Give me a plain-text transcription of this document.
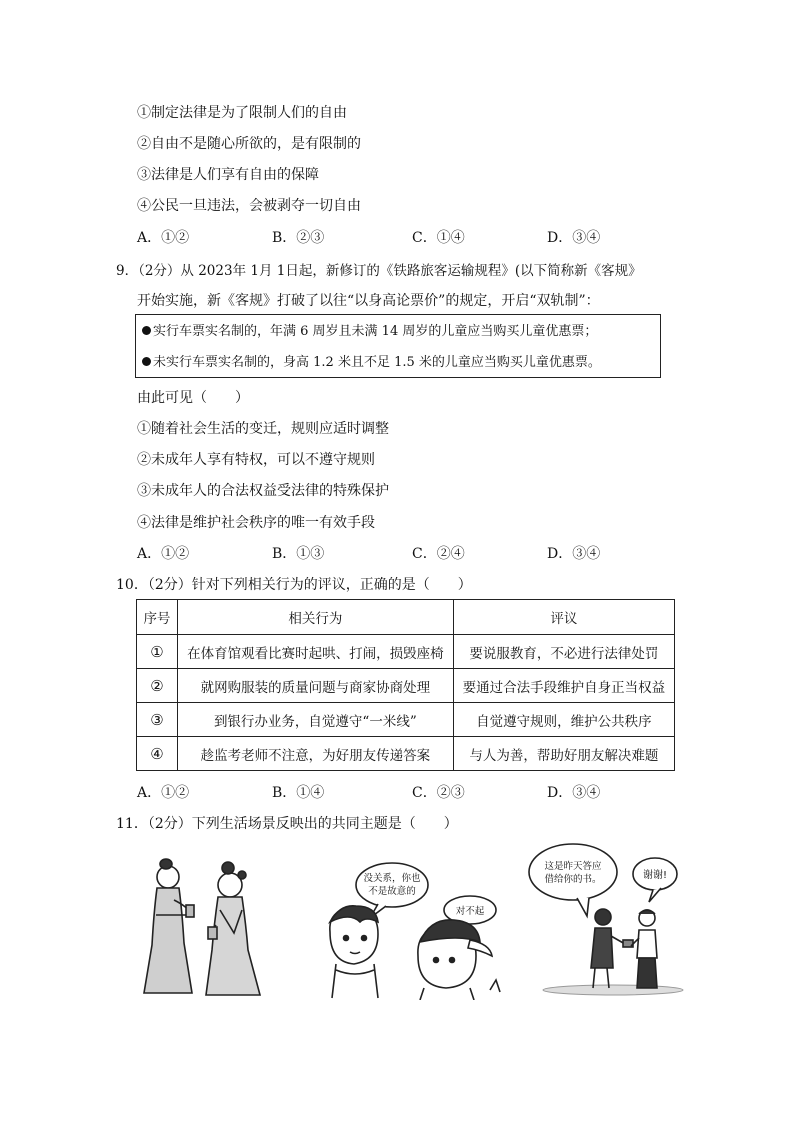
①制定法律是为了限制人们的自由
②自由不是随心所欲的，是有限制的
③法律是人们享有自由的保障
④公民一旦违法，会被剥夺一切自由
A．①②	B．②③	C．①④	D．③④
9．（2分）从 2023年 1月 1日起，新修订的《铁路旅客运输规程》(以下简称新《客规》
开始实施，新《客规》打破了以往“以身高论票价”的规定，开启“双轨制”：
实行车票实名制的，年满 6 周岁且未满 14 周岁的儿童应当购买儿童优惠票；
未实行车票实名制的，身高 1.2 米且不足 1.5 米的儿童应当购买儿童优惠票。
由此可见（　　）
①随着社会生活的变迁，规则应适时调整
②未成年人享有特权，可以不遵守规则
③未成年人的合法权益受法律的特殊保护
④法律是维护社会秩序的唯一有效手段
A．①②	B．①③	C．②④	D．③④
10．（2分）针对下列相关行为的评议，正确的是（　　）
序号	相关行为	评议
①	在体育馆观看比赛时起哄、打闹，损毁座椅	要说服教育，不必进行法律处罚
②	就网购服装的质量问题与商家协商处理	要通过合法手段维护自身正当权益
③	到银行办业务，自觉遵守“一米线”	自觉遵守规则，维护公共秩序
④	趁监考老师不注意，为好朋友传递答案	与人为善，帮助好朋友解决难题
A．①②	B．①④	C．②③	D．③④
11．（2分）下列生活场景反映出的共同主题是（　　）
没关系，你也
不是故意的
对不起
这是昨天答应
借给你的书。	谢谢!
